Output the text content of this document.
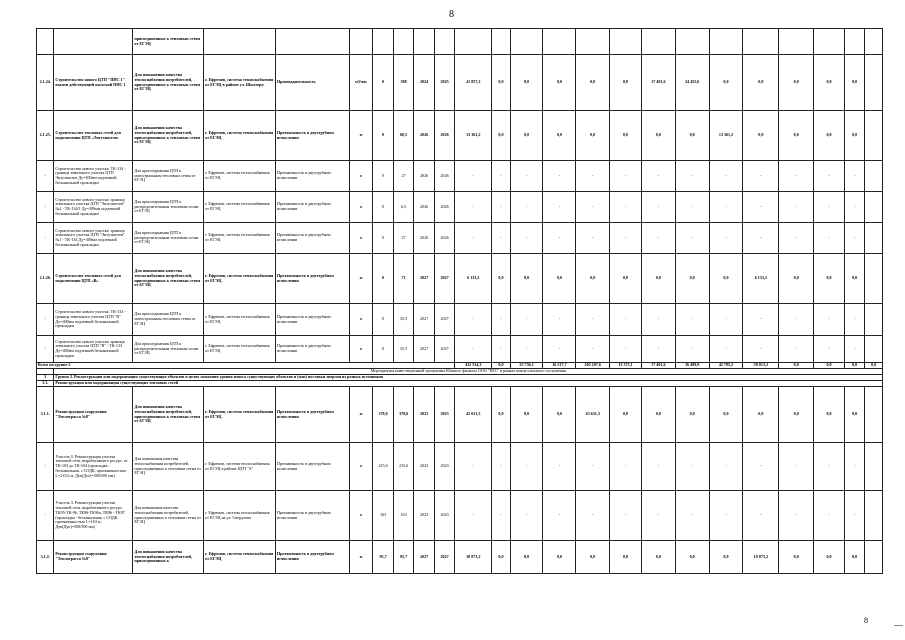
8
		присоединенных к тепловым сетям от ЕГЭЦ																					
2.1.24.	Строительство нового ЦТП "ПНС 1" взамен действующей насосной ПНС 1	Для повышения качества теплоснабжения потребителей, присоединенных к тепловым сетям от ЕГЭЦ	г. Ефремов, система теплоснабжения от ЕГЭЦ в районе ул. Шиллера	Производительность	м3/час	0	388	2024	2025	41 857,2	0,0	0,0	0,0	0,0	0,0	17 401,6	24 455,6	0,0	0,0	0,0	0,0	0,0	
2.1.25.	Строительство тепловых сетей для подключения ЦТП «Энтузиастов»	Для повышения качества теплоснабжения потребителей, присоединенных к тепловым сетям от ЕГЭЦ	г. Ефремов, система теплоснабжения от ЕГЭЦ	Протяженность в двухтрубном исчислении	м	0	60,5	2026	2026	13 361,2	0,0	0,0	0,0	0,0	0,0	0,0	0,0	13 361,2	0,0	0,0	0,0	0,0	
-	Строительство нового участка: ТК-134 - граница земельного участка ЦТП Энтузиастов Ду=300мм подземной бесканальной прокладки	Для присоединения ЦТП к магистральным тепловым сетям от ЕГЭЦ	г. Ефремов, система теплоснабжения от ЕГЭЦ	Протяженность в двухтрубном исчислении	м	0	27	2026	2026	-	-	-	-	-	-	-	-	-	-	-	-	-	
-	Строительство нового участка: граница земельного участка ЦТП "Энтузиастов" №2 - ТК-134/1 Ду=300мм подземной бесканальной прокладки	Для присоединения ЦТП к распределительным тепловым сетям от ЕГЭЦ	г. Ефремов, система теплоснабжения от ЕГЭЦ	Протяженность в двухтрубном исчислении	м	0	6,5	2026	2026	-	-	-	-	-	-	-	-	-	-	-	-	-	
-	Строительство нового участка: граница земельного участка ЦТП "Энтузиастов" №1 - ТК-134 Ду=300мм подземной бесканальной прокладки	Для присоединения ЦТП к распределительным тепловым сетям от ЕГЭЦ	г. Ефремов, система теплоснабжения от ЕГЭЦ	Протяженность в двухтрубном исчислении	м	0	27	2026	2026	-	-	-	-	-	-	-	-	-	-	-	-	-	
2.1.26.	Строительство тепловых сетей для подключения ЦТП «В»	Для повышения качества теплоснабжения потребителей, присоединенных к тепловым сетям от ЕГЭЦ	г. Ефремов, система теплоснабжения от ЕГЭЦ	Протяженность в двухтрубном исчислении	м	0	71	2027	2027	6 133,2	0,0	0,0	0,0	0,0	0,0	0,0	0,0	0,0	6 133,2	0,0	0,0	0,0	
-	Строительство нового участка: ТК-133 - граница земельного участка ЦТП "В" Ду=400мм подземной бесканальной прокладки	Для присоединения ЦТП к магистральным тепловым сетям от ЕГЭЦ	г. Ефремов, система теплоснабжения от ЕГЭЦ	Протяженность в двухтрубном исчислении	м	0	35,5	2027	2027	-	-	-	-	-	-	-	-	-	-	-	-	-	
-	Строительство нового участка: граница земельного участка ЦТП "В" - ТК-133 Ду=400мм подземной бесканальной прокладки	Для присоединения ЦТП к распределительным тепловым сетям от ЕГЭЦ	г. Ефремов, система теплоснабжения от ЕГЭЦ	Протяженность в двухтрубном исчислении	м	0	35,5	2027	2027	-	-	-	-	-	-	-	-	-	-	-	-	-	
Всего по группе 2										412 534,3	0,0	25 736,1	16 517,7	202 207,6	13 373,1	17 401,6	36 499,9	42 785,2	58 013,2	0,0	0,0	0,0	0,0
	Мероприятия инвестиционной программы Южного филиала ООО "КЕС" в рамках концессионного соглашения																						
3	Группа 3. Реконструкция или модернизация существующих объектов в целях снижения уровня износа существующих объектов и (или) поставки энергии из разных источников																						
3.1.	Реконструкция или модернизация существующих тепловых сетей																						
3.1.1.	Реконструкция сооружения "Теплотрасса №8"	Для повышения качества теплоснабжения потребителей, присоединенных к тепловым сетям от ЕГЭЦ	г. Ефремов, система теплоснабжения от ЕГЭЦ	Протяженность в двухтрубном исчислении	м	378,6	378,6	2023	2023	43 631,3	0,0	0,0	0,0	43 631,3	0,0	0,0	0,0	0,0	0,0	0,0	0,0	0,0	
-	Участок 0. Реконструкция участка тепловой сети, выработавшего ресурс: от ТК-103 до ТК-104 (прокладка - бесканальная, с СОДК, протяженностью L=215,6 м, Дув(Дуо)=500/500 мм)	Для повышения качества теплоснабжения потребителей, присоединенных к тепловым сетям от ЕГЭЦ	г. Ефремов, система теплоснабжения от ЕГЭЦ в районе ЦТП "А"	Протяженность в двухтрубном исчислении	м	215,6	215,6	2023	2023	-	-	-	-	-	-	-	-	-	-	-	-	-	
-	Участок 3. Реконструкция участка тепловой сети, выработавшего ресурс: ТК95-ТК-96, ТК96-ТК96а, ТК96 - ТК97 (прокладка - бесканальная, с СОДК, протяженностью L=163 м, Дув(Дуо)=500/500 мм)	Для повышения качества теплоснабжения потребителей, присоединенных к тепловым сетям от ЕГЭЦ	г. Ефремов, система теплоснабжения от ЕГЭЦ на ул. Свердлова	Протяженность в двухтрубном исчислении	м	163	163	2023	2023	-	-	-	-	-	-	-	-	-	-	-	-	-	
3.1.2.	Реконструкция сооружения "Теплотрасса №8"	Для повышения качества теплоснабжения потребителей, присоединенных к	г. Ефремов, система теплоснабжения от ЕГЭЦ	Протяженность в двухтрубном исчислении	м	95,7	95,7	2027	2027	10 873,2	0,0	0,0	0,0	0,0	0,0	0,0	0,0	0,0	10 873,2	0,0	0,0	0,0	
8	—
